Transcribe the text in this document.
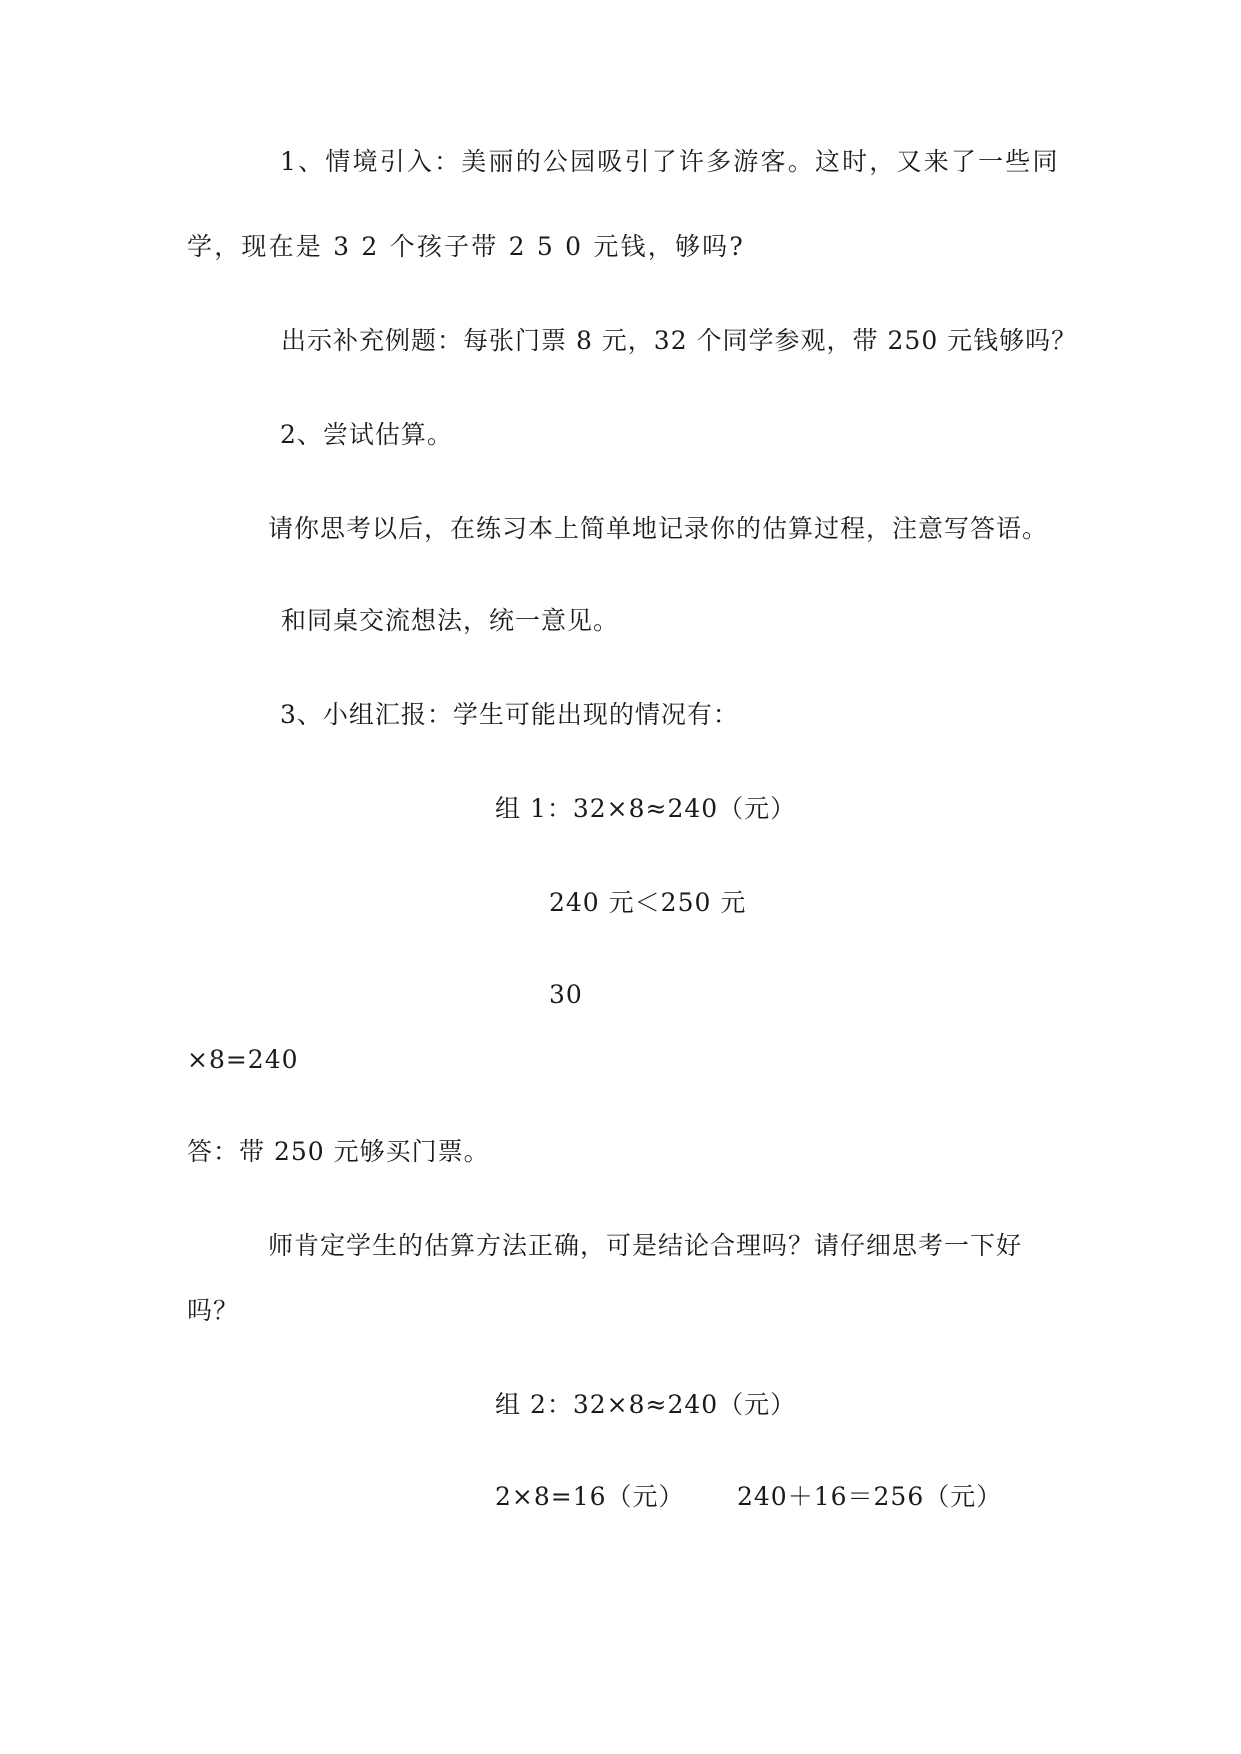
1、情境引入：美丽的公园吸引了许多游客。这时，又来了一些同
学，现在是 3 2 个孩子带 2 5 0 元钱，够吗?
出示补充例题：每张门票 8 元，32 个同学参观，带 250 元钱够吗？
2、尝试估算。
请你思考以后，在练习本上简单地记录你的估算过程，注意写答语。
和同桌交流想法，统一意见。
3、小组汇报：学生可能出现的情况有：
组 1：32×8≈240（元）
240 元＜250 元
30
×8=240
答：带 250 元够买门票。
师肯定学生的估算方法正确，可是结论合理吗？请仔细思考一下好
吗？
组 2：32×8≈240（元）
2×8=16（元） 240＋16＝256（元）
